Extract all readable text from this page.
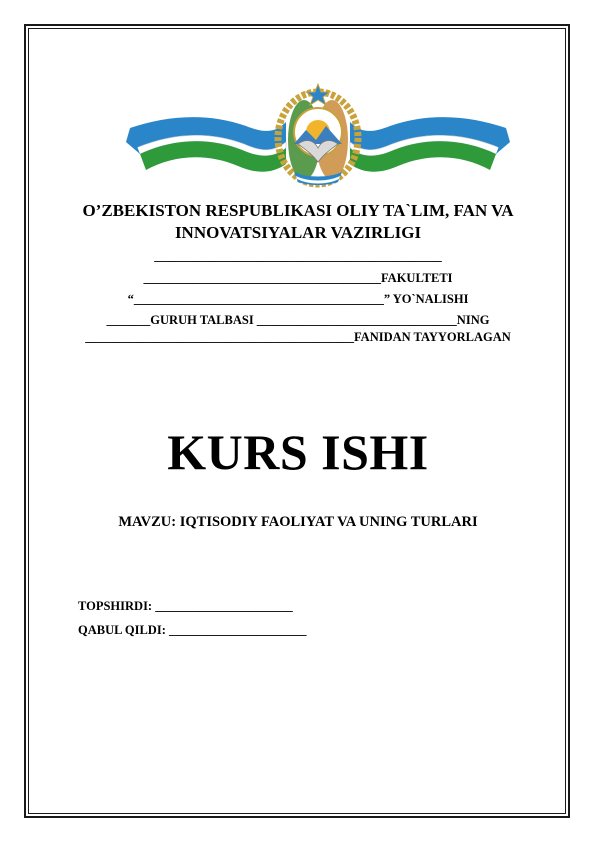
O’ZBEKISTON RESPUBLIKASI OLIY TA`LIM, FAN VA
INNOVATSIYALAR VAZIRLIGI
______________________________________________
______________________________________FAKULTETI
“________________________________________” YO`NALISHI
_______GURUH TALBASI ________________________________NING
___________________________________________FANIDAN TAYYORLAGAN
KURS ISHI
MAVZU: IQTISODIY FAOLIYAT VA UNING TURLARI
TOPSHIRDI: ______________________
QABUL QILDI: ______________________
